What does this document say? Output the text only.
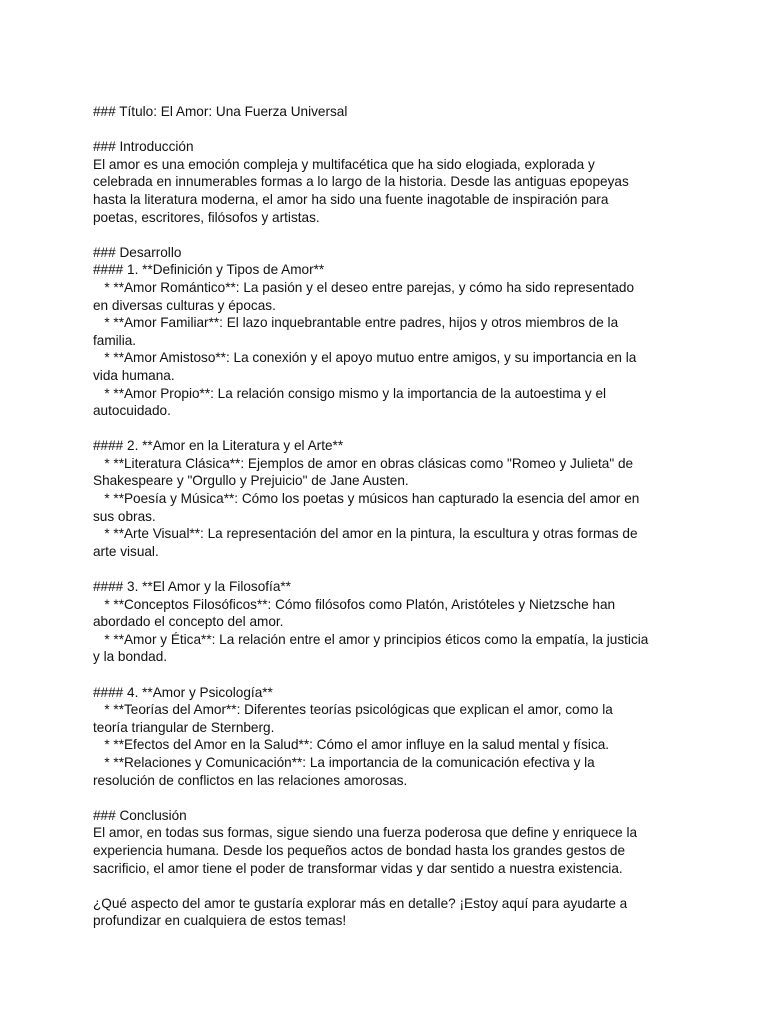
### Título: El Amor: Una Fuerza Universal
### Introducción
El amor es una emoción compleja y multifacética que ha sido elogiada, explorada y
celebrada en innumerables formas a lo largo de la historia. Desde las antiguas epopeyas
hasta la literatura moderna, el amor ha sido una fuente inagotable de inspiración para
poetas, escritores, filósofos y artistas.
### Desarrollo
#### 1. **Definición y Tipos de Amor**
* **Amor Romántico**: La pasión y el deseo entre parejas, y cómo ha sido representado
en diversas culturas y épocas.
* **Amor Familiar**: El lazo inquebrantable entre padres, hijos y otros miembros de la
familia.
* **Amor Amistoso**: La conexión y el apoyo mutuo entre amigos, y su importancia en la
vida humana.
* **Amor Propio**: La relación consigo mismo y la importancia de la autoestima y el
autocuidado.
#### 2. **Amor en la Literatura y el Arte**
* **Literatura Clásica**: Ejemplos de amor en obras clásicas como "Romeo y Julieta" de
Shakespeare y "Orgullo y Prejuicio" de Jane Austen.
* **Poesía y Música**: Cómo los poetas y músicos han capturado la esencia del amor en
sus obras.
* **Arte Visual**: La representación del amor en la pintura, la escultura y otras formas de
arte visual.
#### 3. **El Amor y la Filosofía**
* **Conceptos Filosóficos**: Cómo filósofos como Platón, Aristóteles y Nietzsche han
abordado el concepto del amor.
* **Amor y Ética**: La relación entre el amor y principios éticos como la empatía, la justicia
y la bondad.
#### 4. **Amor y Psicología**
* **Teorías del Amor**: Diferentes teorías psicológicas que explican el amor, como la
teoría triangular de Sternberg.
* **Efectos del Amor en la Salud**: Cómo el amor influye en la salud mental y física.
* **Relaciones y Comunicación**: La importancia de la comunicación efectiva y la
resolución de conflictos en las relaciones amorosas.
### Conclusión
El amor, en todas sus formas, sigue siendo una fuerza poderosa que define y enriquece la
experiencia humana. Desde los pequeños actos de bondad hasta los grandes gestos de
sacrificio, el amor tiene el poder de transformar vidas y dar sentido a nuestra existencia.
¿Qué aspecto del amor te gustaría explorar más en detalle? ¡Estoy aquí para ayudarte a
profundizar en cualquiera de estos temas!
